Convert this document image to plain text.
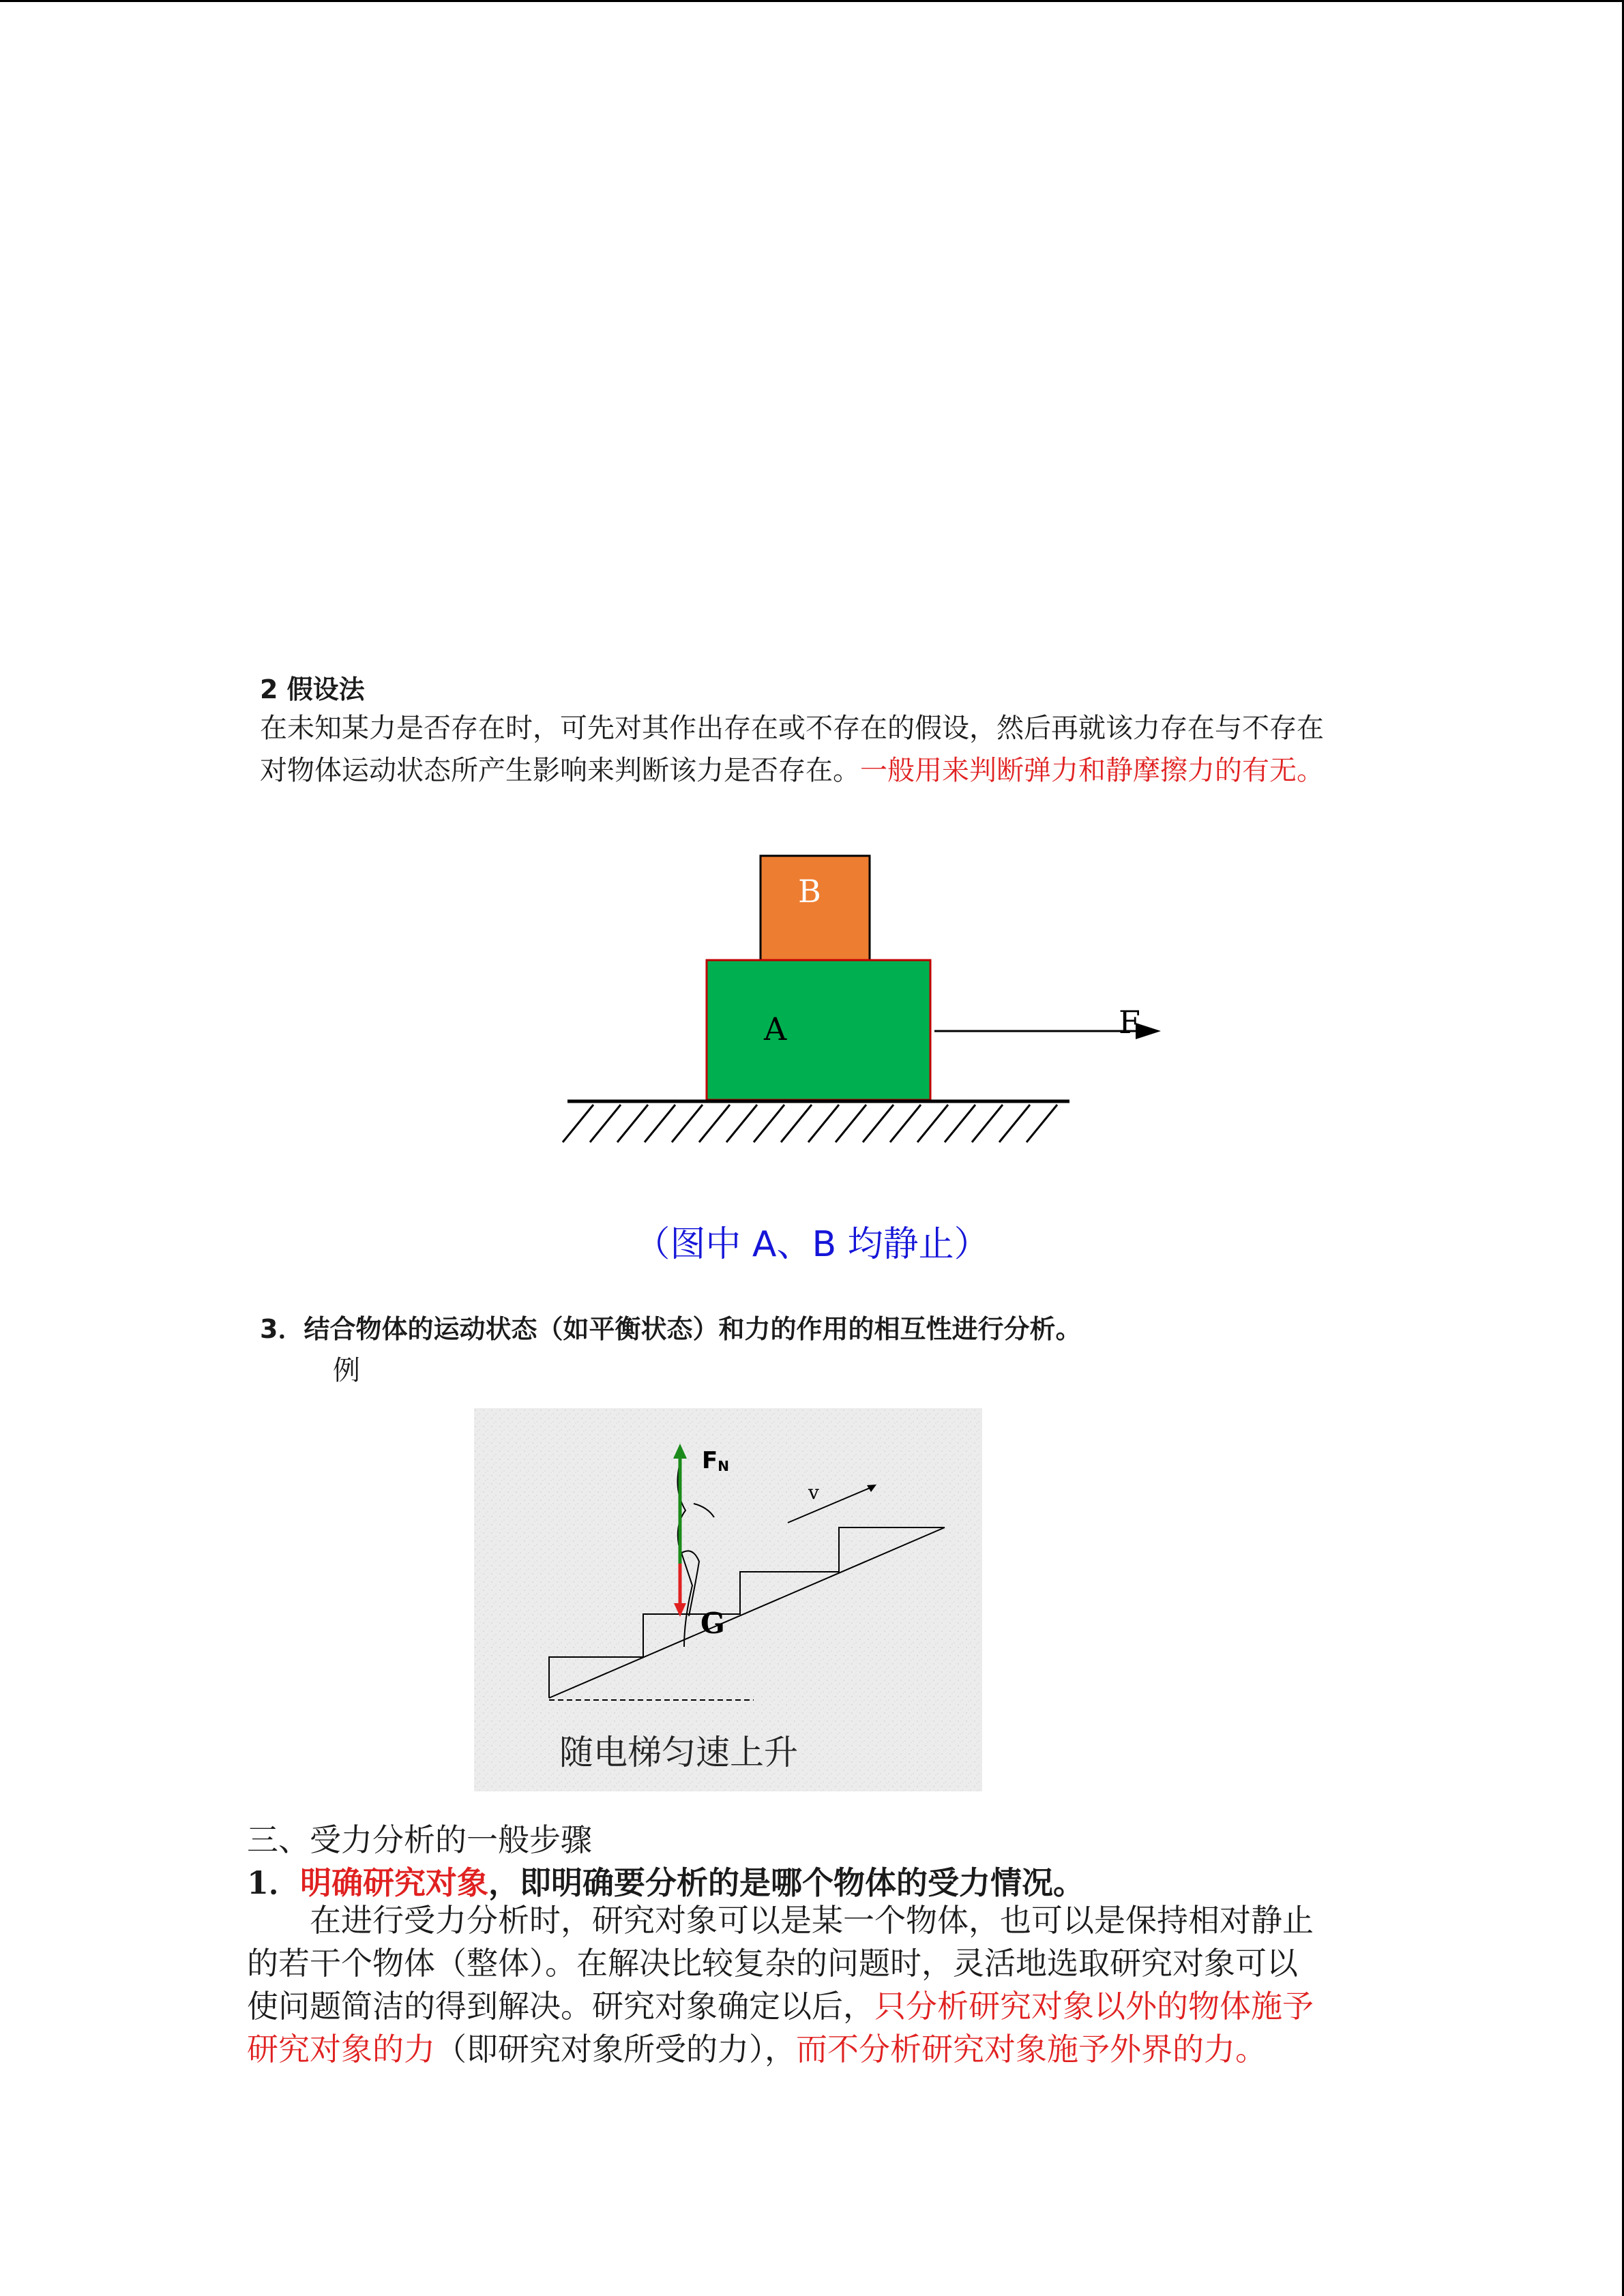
2 假设法
在未知某力是否存在时，可先对其作出存在或不存在的假设，然后再就该力存在与不存在
对物体运动状态所产生影响来判断该力是否存在。一般用来判断弹力和静摩擦力的有无。
B
A	F
（图中 A、B 均静止）
3．结合物体的运动状态（如平衡状态）和力的作用的相互性进行分析。
例
FN
v
G
随电梯匀速上升
三、受力分析的一般步骤
1．明确研究对象，即明确要分析的是哪个物体的受力情况。
在进行受力分析时，研究对象可以是某一个物体，也可以是保持相对静止
的若干个物体（整体）。在解决比较复杂的问题时，灵活地选取研究对象可以
使问题简洁的得到解决。研究对象确定以后，只分析研究对象以外的物体施予
研究对象的力（即研究对象所受的力），而不分析研究对象施予外界的力。
